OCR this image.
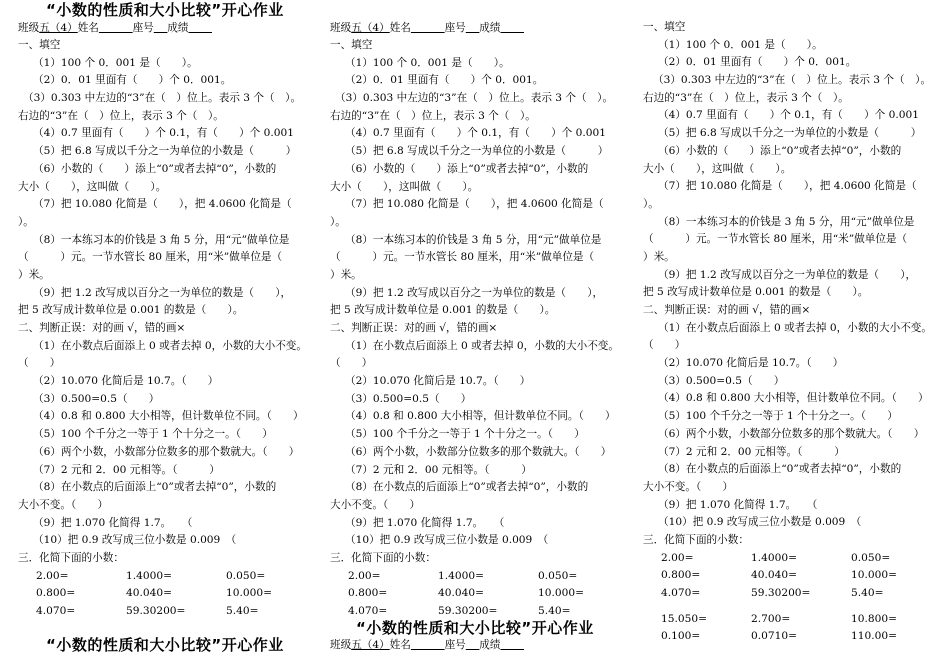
“小数的性质和大小比较”开心作业
班级五（4）姓名	座号 成绩
一、填空
（1）100 个 0．001 是（　　）。
（2）0．01 里面有（　　）个 0．001。
（3）0.303 中左边的“3”在（　）位上。表示 3 个（　）。
右边的“3”在（　）位上，表示 3 个（　）。
（4）0.7 里面有（　　）个 0.1，有（　　）个 0.001
（5）把 6.8 写成以千分之一为单位的小数是（　　　）
（6）小数的（　　）添上“0”或者去掉“0”，小数的
大小（　　），这叫做（　　）。
（7）把 10.080 化简是（　　），把 4.0600 化简是（
）。
（8）一本练习本的价钱是 3 角 5 分，用“元”做单位是
（　　　）元。一节水管长 80 厘米，用“米”做单位是（
）米。
（9）把 1.2 改写成以百分之一为单位的数是（　　），
把 5 改写成计数单位是 0.001 的数是（　　）。
二、判断正误：对的画 √，错的画×
（1）在小数点后面添上 0 或者去掉 0，小数的大小不变。
（　　）
（2）10.070 化简后是 10.7。（　　）
（3）0.500=0.5（　　）
（4）0.8 和 0.800 大小相等，但计数单位不同。（　　）
（5）100 个千分之一等于 1 个十分之一。（　　）
（6）两个小数，小数部分位数多的那个数就大。（　　）
（7）2 元和 2．00 元相等。（　　　）
（8）在小数点的后面添上“0”或者去掉“0”，小数的
大小不变。（　　）
（9）把 1.070 化简得 1.7。　　（
（10）把 0.9 改写成三位小数是 0.009　（
三．化简下面的小数：
2.00=	1.4000=	0.050=
0.800=	40.040=	10.000=
4.070=	59.30200=	5.40=
“小数的性质和大小比较”开心作业
班级五（4）姓名	座号 成绩
一、填空
（1）100 个 0．001 是（　　）。
（2）0．01 里面有（　　）个 0．001。
（3）0.303 中左边的“3”在（　）位上。表示 3 个（　）。
右边的“3”在（　）位上，表示 3 个（　）。
（4）0.7 里面有（　　）个 0.1，有（　　）个 0.001
（5）把 6.8 写成以千分之一为单位的小数是（　　　）
（6）小数的（　　）添上“0”或者去掉“0”，小数的
大小（　　），这叫做（　　）。
（7）把 10.080 化简是（　　），把 4.0600 化简是（
）。
（8）一本练习本的价钱是 3 角 5 分，用“元”做单位是
（　　　）元。一节水管长 80 厘米，用“米”做单位是（
）米。
（9）把 1.2 改写成以百分之一为单位的数是（　　），
把 5 改写成计数单位是 0.001 的数是（　　）。
二、判断正误：对的画 √，错的画×
（1）在小数点后面添上 0 或者去掉 0，小数的大小不变。
（　　）
（2）10.070 化简后是 10.7。（　　）
（3）0.500=0.5（　　）
（4）0.8 和 0.800 大小相等，但计数单位不同。（　　）
（5）100 个千分之一等于 1 个十分之一。（　　）
（6）两个小数，小数部分位数多的那个数就大。（　　）
（7）2 元和 2．00 元相等。（　　　）
（8）在小数点的后面添上“0”或者去掉“0”，小数的
大小不变。（　　）
（9）把 1.070 化简得 1.7。　　（
（10）把 0.9 改写成三位小数是 0.009　（
三．化简下面的小数：
2.00=	1.4000=	0.050=
0.800=	40.040=	10.000=
4.070=	59.30200=	5.40=
“小数的性质和大小比较”开心作业
班级五（4）姓名	座号 成绩
一、填空
（1）100 个 0．001 是（　　）。
（2）0．01 里面有（　　）个 0．001。
（3）0.303 中左边的“3”在（　）位上。表示 3 个（　）。
右边的“3”在（　）位上，表示 3 个（　）。
（4）0.7 里面有（　　）个 0.1，有（　　）个 0.001
（5）把 6.8 写成以千分之一为单位的小数是（　　　）
（6）小数的（　　）添上“0”或者去掉“0”，小数的
大小（　　），这叫做（　　）。
（7）把 10.080 化简是（　　），把 4.0600 化简是（
）。
（8）一本练习本的价钱是 3 角 5 分，用“元”做单位是
（　　　）元。一节水管长 80 厘米，用“米”做单位是（
）米。
（9）把 1.2 改写成以百分之一为单位的数是（　　），
把 5 改写成计数单位是 0.001 的数是（　　）。
二、判断正误：对的画 √，错的画×
（1）在小数点后面添上 0 或者去掉 0，小数的大小不变。
（　　）
（2）10.070 化简后是 10.7。（　　）
（3）0.500=0.5（　　）
（4）0.8 和 0.800 大小相等，但计数单位不同。（　　）
（5）100 个千分之一等于 1 个十分之一。（　　）
（6）两个小数，小数部分位数多的那个数就大。（　　）
（7）2 元和 2．00 元相等。（　　　）
（8）在小数点的后面添上“0”或者去掉“0”，小数的
大小不变。（　　）
（9）把 1.070 化简得 1.7。　　（
（10）把 0.9 改写成三位小数是 0.009　（
三．化简下面的小数：
2.00=	1.4000=	0.050=
0.800=	40.040=	10.000=
4.070=	59.30200=	5.40=
15.050=	2.700=	10.800=
0.100=	0.0710=	110.00=
